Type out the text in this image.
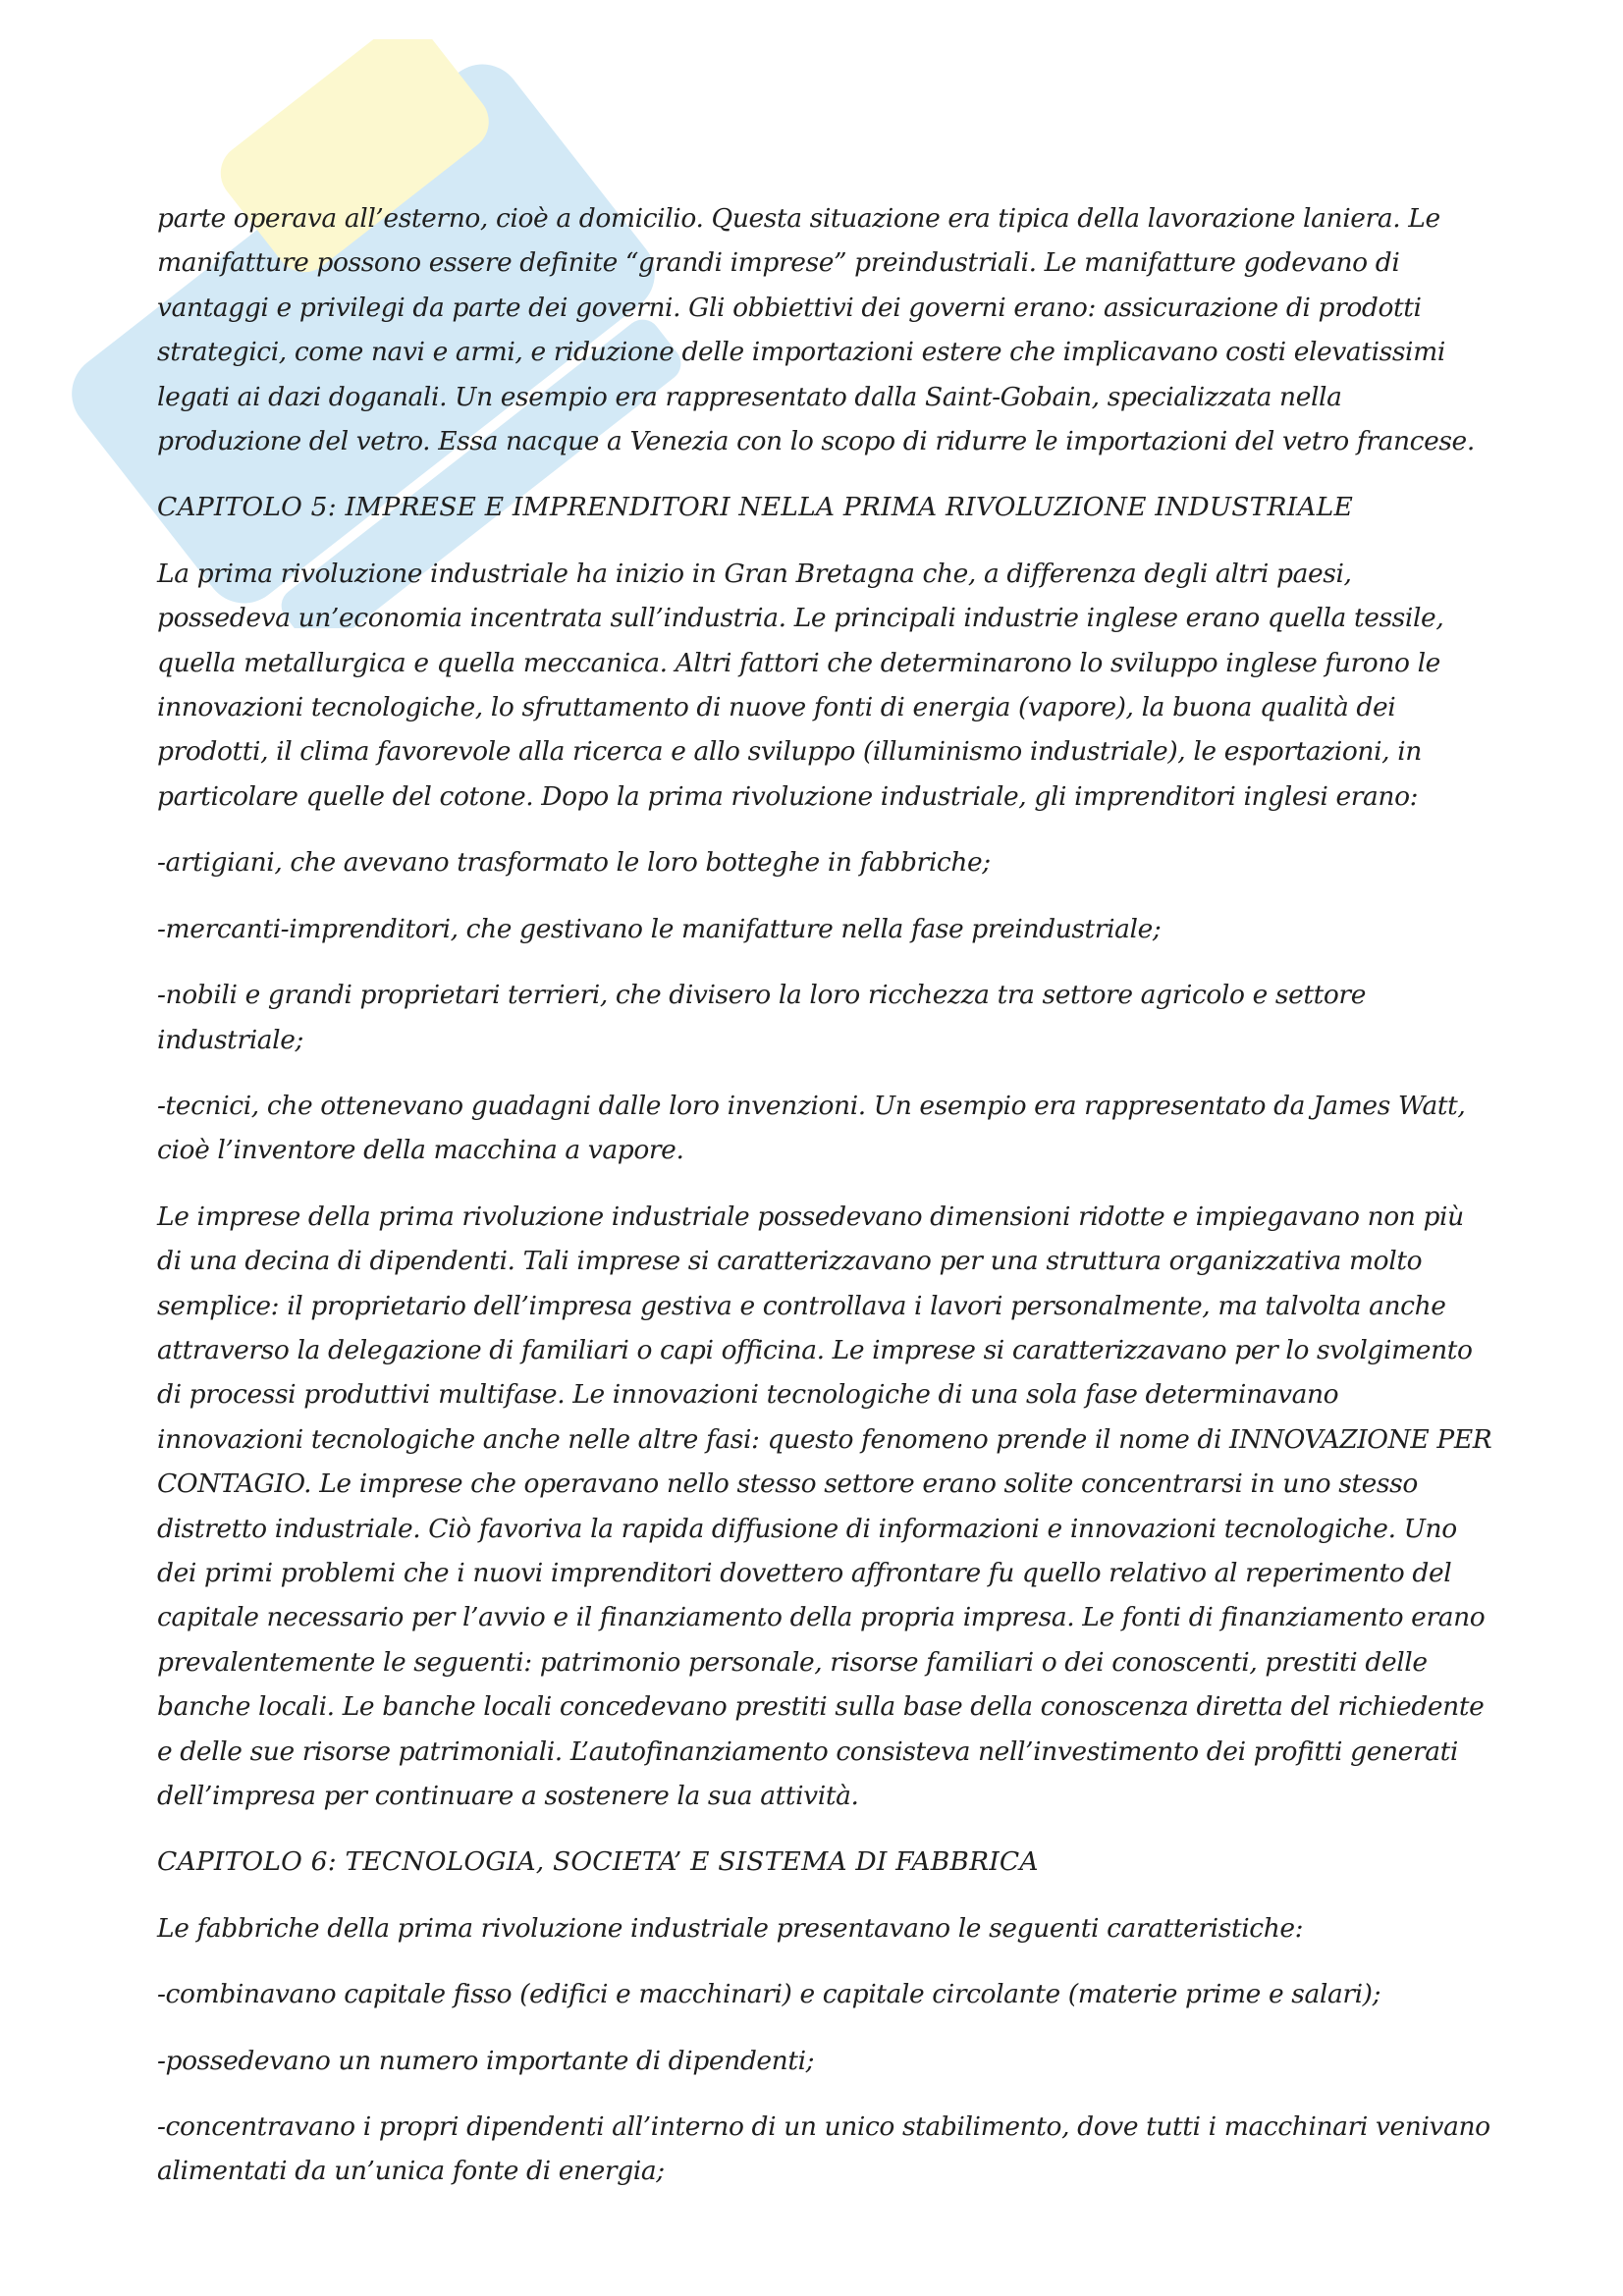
parte operava all’esterno, cioè a domicilio. Questa situazione era tipica della lavorazione laniera. Le manifatture possono essere definite “grandi imprese” preindustriali. Le manifatture godevano di vantaggi e privilegi da parte dei governi. Gli obbiettivi dei governi erano: assicurazione di prodotti strategici, come navi e armi, e riduzione delle importazioni estere che implicavano costi elevatissimi legati ai dazi doganali. Un esempio era rappresentato dalla Saint-Gobain, specializzata nella produzione del vetro. Essa nacque a Venezia con lo scopo di ridurre le importazioni del vetro francese.

CAPITOLO 5: IMPRESE E IMPRENDITORI NELLA PRIMA RIVOLUZIONE INDUSTRIALE

La prima rivoluzione industriale ha inizio in Gran Bretagna che, a differenza degli altri paesi, possedeva un’economia incentrata sull’industria. Le principali industrie inglese erano quella tessile, quella metallurgica e quella meccanica. Altri fattori che determinarono lo sviluppo inglese furono le innovazioni tecnologiche, lo sfruttamento di nuove fonti di energia (vapore), la buona qualità dei prodotti, il clima favorevole alla ricerca e allo sviluppo (illuminismo industriale), le esportazioni, in particolare quelle del cotone. Dopo la prima rivoluzione industriale, gli imprenditori inglesi erano:

-artigiani, che avevano trasformato le loro botteghe in fabbriche;

-mercanti-imprenditori, che gestivano le manifatture nella fase preindustriale;

-nobili e grandi proprietari terrieri, che divisero la loro ricchezza tra settore agricolo e settore industriale;

-tecnici, che ottenevano guadagni dalle loro invenzioni. Un esempio era rappresentato da James Watt, cioè l’inventore della macchina a vapore.

Le imprese della prima rivoluzione industriale possedevano dimensioni ridotte e impiegavano non più di una decina di dipendenti. Tali imprese si caratterizzavano per una struttura organizzativa molto semplice: il proprietario dell’impresa gestiva e controllava i lavori personalmente, ma talvolta anche attraverso la delegazione di familiari o capi officina. Le imprese si caratterizzavano per lo svolgimento di processi produttivi multifase. Le innovazioni tecnologiche di una sola fase determinavano innovazioni tecnologiche anche nelle altre fasi: questo fenomeno prende il nome di INNOVAZIONE PER CONTAGIO. Le imprese che operavano nello stesso settore erano solite concentrarsi in uno stesso distretto industriale. Ciò favoriva la rapida diffusione di informazioni e innovazioni tecnologiche. Uno dei primi problemi che i nuovi imprenditori dovettero affrontare fu quello relativo al reperimento del capitale necessario per l’avvio e il finanziamento della propria impresa. Le fonti di finanziamento erano prevalentemente le seguenti: patrimonio personale, risorse familiari o dei conoscenti, prestiti delle banche locali. Le banche locali concedevano prestiti sulla base della conoscenza diretta del richiedente e delle sue risorse patrimoniali. L’autofinanziamento consisteva nell’investimento dei profitti generati dell’impresa per continuare a sostenere la sua attività.

CAPITOLO 6: TECNOLOGIA, SOCIETA’ E SISTEMA DI FABBRICA

Le fabbriche della prima rivoluzione industriale presentavano le seguenti caratteristiche:

-combinavano capitale fisso (edifici e macchinari) e capitale circolante (materie prime e salari);

-possedevano un numero importante di dipendenti;

-concentravano i propri dipendenti all’interno di un unico stabilimento, dove tutti i macchinari venivano alimentati da un’unica fonte di energia;
